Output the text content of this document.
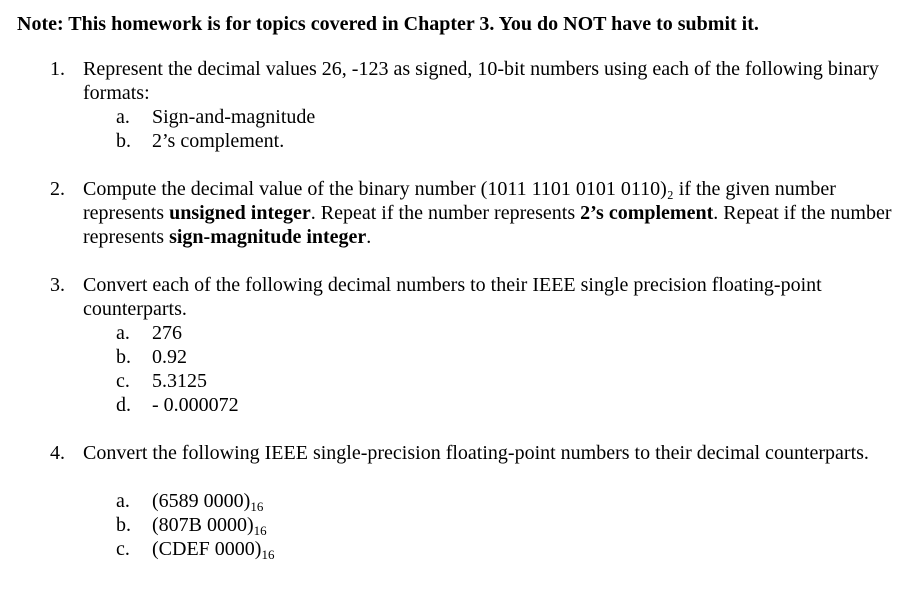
Note: This homework is for topics covered in Chapter 3. You do NOT have to submit it.
1. Represent the decimal values 26, -123 as signed, 10-bit numbers using each of the following binary formats:
a.	Sign-and-magnitude
b.	2’s complement.
2. Compute the decimal value of the binary number (1011 1101 0101 0110)₂ if the given number represents unsigned integer. Repeat if the number represents 2’s complement. Repeat if the number represents sign-magnitude integer.
3. Convert each of the following decimal numbers to their IEEE single precision floating-point counterparts.
a.	276
b.	0.92
c.	5.3125
d.	- 0.000072
4. Convert the following IEEE single-precision floating-point numbers to their decimal counterparts.
a.	(6589 $0000)_{16}$
b.	(807B $0000)_{16}$
c.	(CDEF $0000)_{16}$
